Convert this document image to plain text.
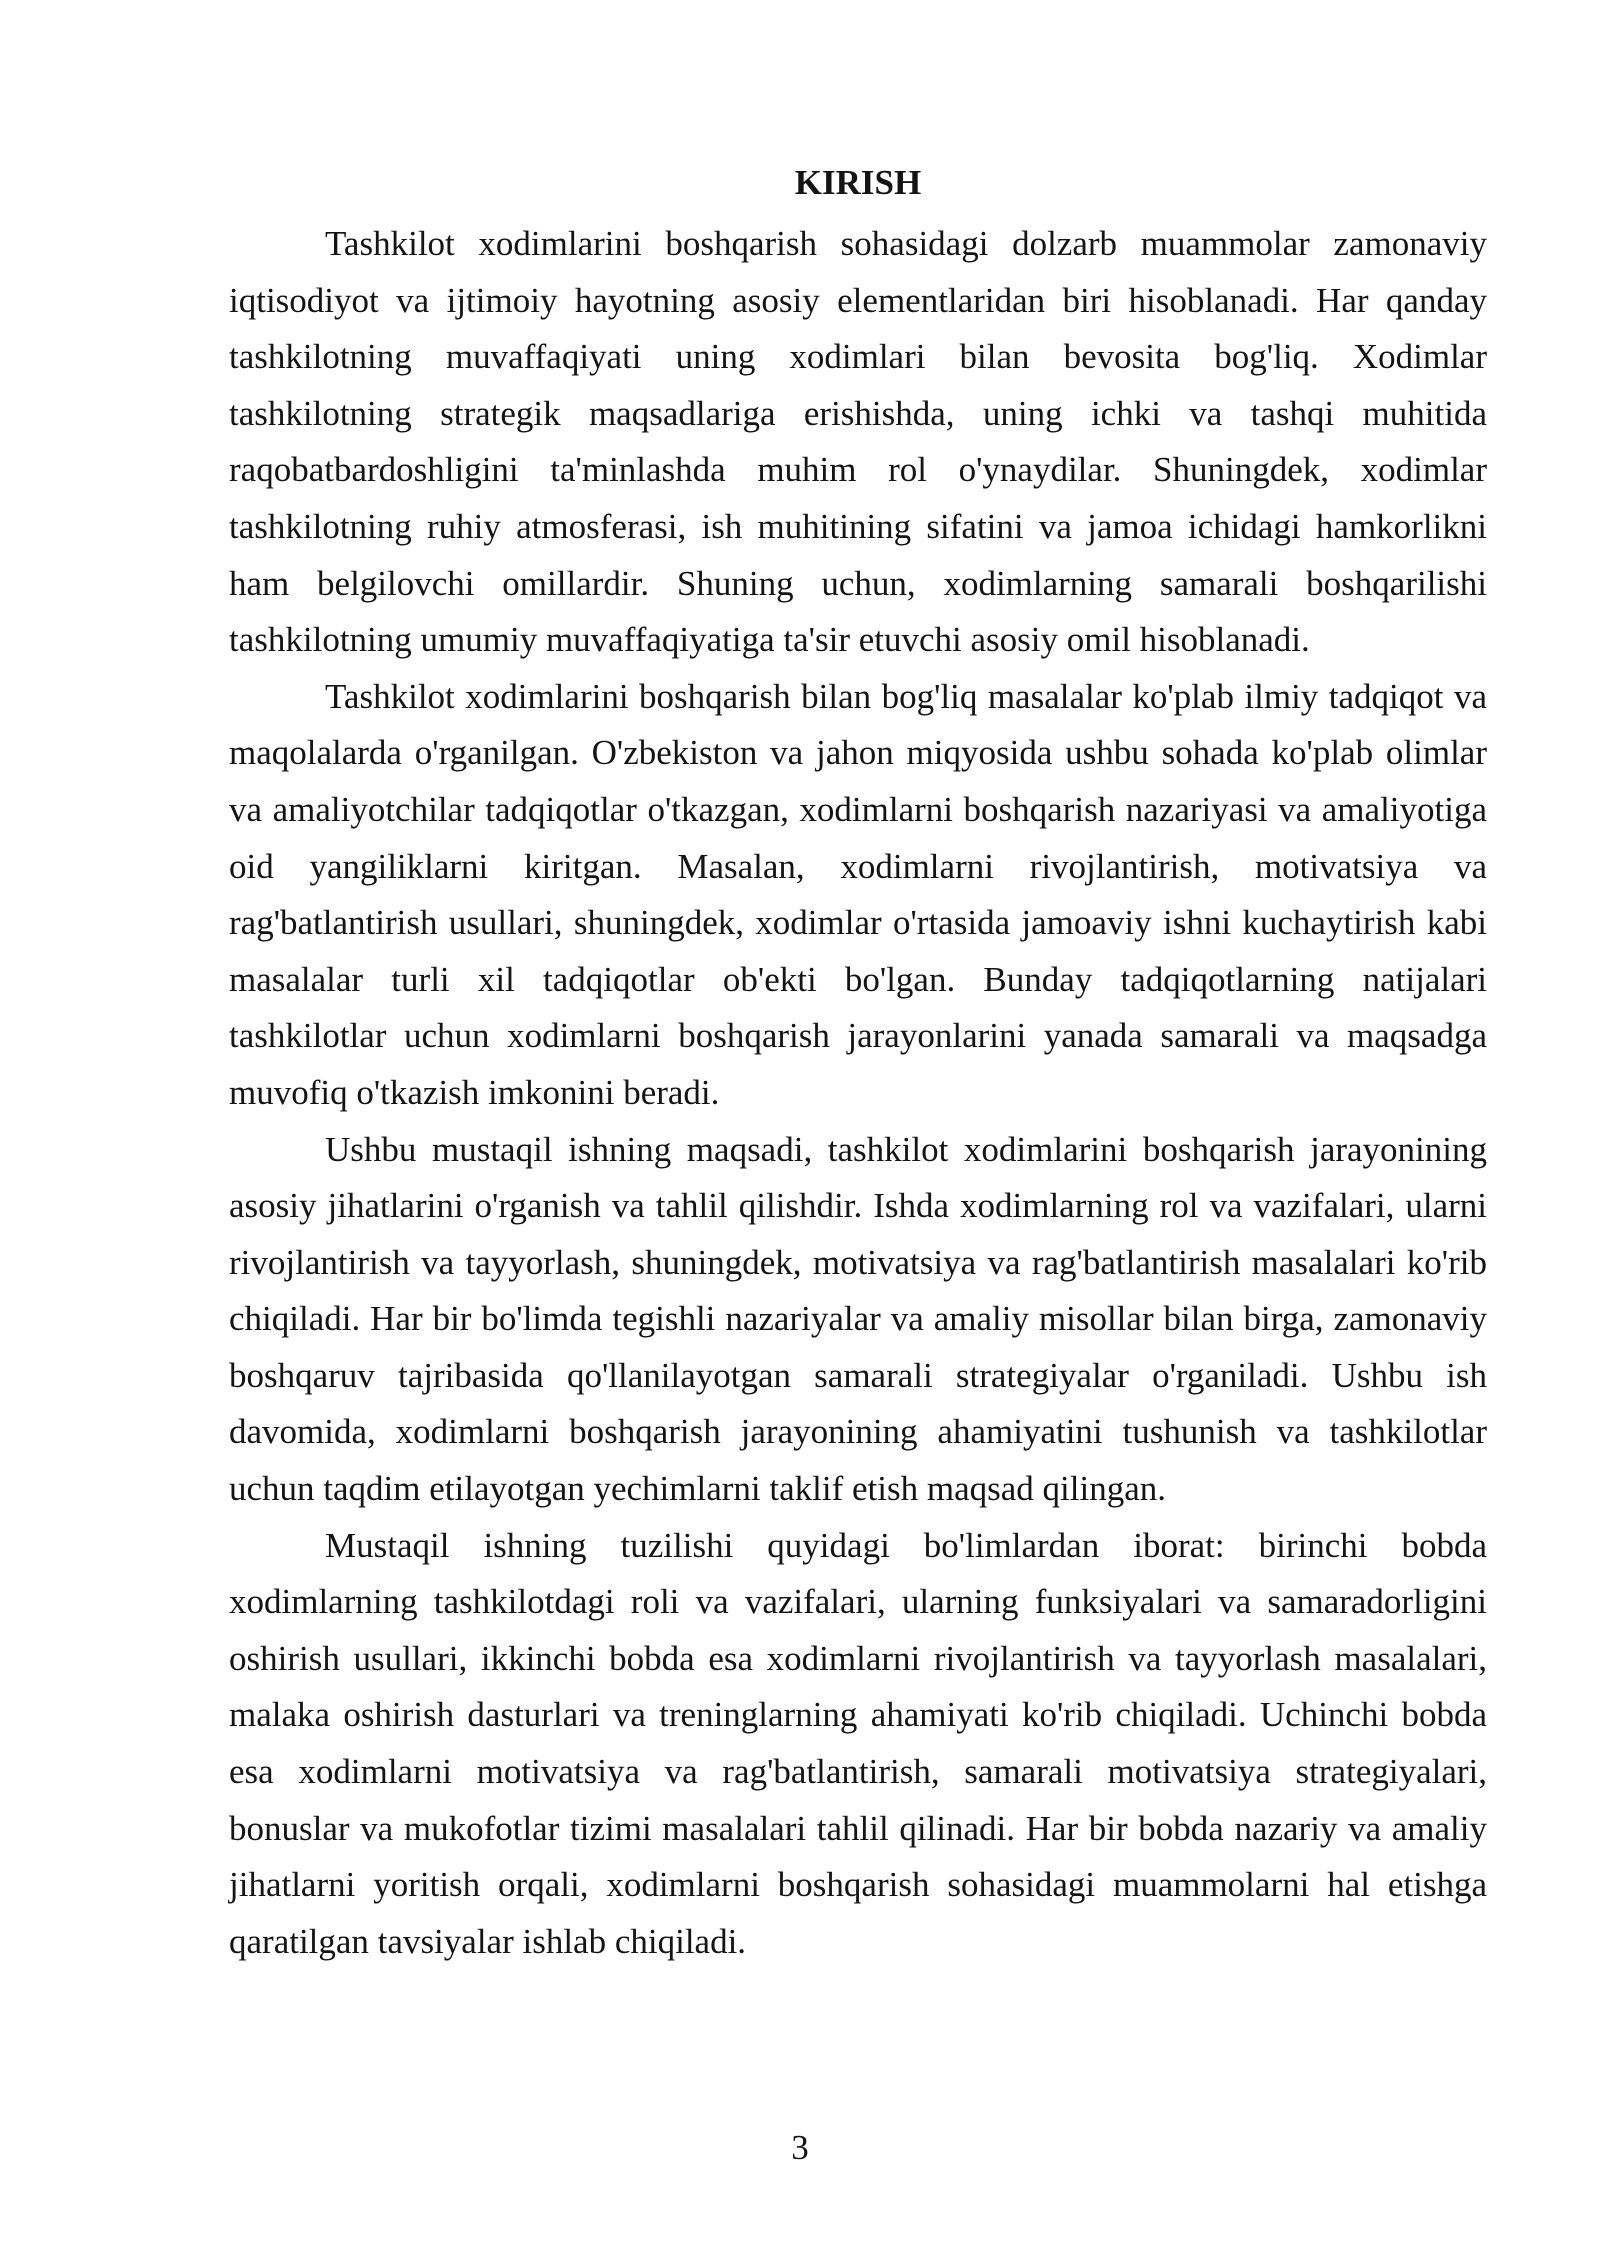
KIRISH

Tashkilot xodimlarini boshqarish sohasidagi dolzarb muammolar zamonaviy iqtisodiyot va ijtimoiy hayotning asosiy elementlaridan biri hisoblanadi. Har qanday tashkilotning muvaffaqiyati uning xodimlari bilan bevosita bog'liq. Xodimlar tashkilotning strategik maqsadlariga erishishda, uning ichki va tashqi muhitida raqobatbardoshligini ta'minlashda muhim rol o'ynaydilar. Shuningdek, xodimlar tashkilotning ruhiy atmosferasi, ish muhitining sifatini va jamoa ichidagi hamkorlikni ham belgilovchi omillardir. Shuning uchun, xodimlarning samarali boshqarilishi tashkilotning umumiy muvaffaqiyatiga ta'sir etuvchi asosiy omil hisoblanadi.

Tashkilot xodimlarini boshqarish bilan bog'liq masalalar ko'plab ilmiy tadqiqot va maqolalarda o'rganilgan. O'zbekiston va jahon miqyosida ushbu sohada ko'plab olimlar va amaliyotchilar tadqiqotlar o'tkazgan, xodimlarni boshqarish nazariyasi va amaliyotiga oid yangiliklarni kiritgan. Masalan, xodimlarni rivojlantirish, motivatsiya va rag'batlantirish usullari, shuningdek, xodimlar o'rtasida jamoaviy ishni kuchaytirish kabi masalalar turli xil tadqiqotlar ob'ekti bo'lgan. Bunday tadqiqotlarning natijalari tashkilotlar uchun xodimlarni boshqarish jarayonlarini yanada samarali va maqsadga muvofiq o'tkazish imkonini beradi.

Ushbu mustaqil ishning maqsadi, tashkilot xodimlarini boshqarish jarayonining asosiy jihatlarini o'rganish va tahlil qilishdir. Ishda xodimlarning rol va vazifalari, ularni rivojlantirish va tayyorlash, shuningdek, motivatsiya va rag'batlantirish masalalari ko'rib chiqiladi. Har bir bo'limda tegishli nazariyalar va amaliy misollar bilan birga, zamonaviy boshqaruv tajribasida qo'llanilayotgan samarali strategiyalar o'rganiladi. Ushbu ish davomida, xodimlarni boshqarish jarayonining ahamiyatini tushunish va tashkilotlar uchun taqdim etilayotgan yechimlarni taklif etish maqsad qilingan.

Mustaqil ishning tuzilishi quyidagi bo'limlardan iborat: birinchi bobda xodimlarning tashkilotdagi roli va vazifalari, ularning funksiyalari va samaradorligini oshirish usullari, ikkinchi bobda esa xodimlarni rivojlantirish va tayyorlash masalalari, malaka oshirish dasturlari va treninglarning ahamiyati ko'rib chiqiladi. Uchinchi bobda esa xodimlarni motivatsiya va rag'batlantirish, samarali motivatsiya strategiyalari, bonuslar va mukofotlar tizimi masalalari tahlil qilinadi. Har bir bobda nazariy va amaliy jihatlarni yoritish orqali, xodimlarni boshqarish sohasidagi muammolarni hal etishga qaratilgan tavsiyalar ishlab chiqiladi.

3
